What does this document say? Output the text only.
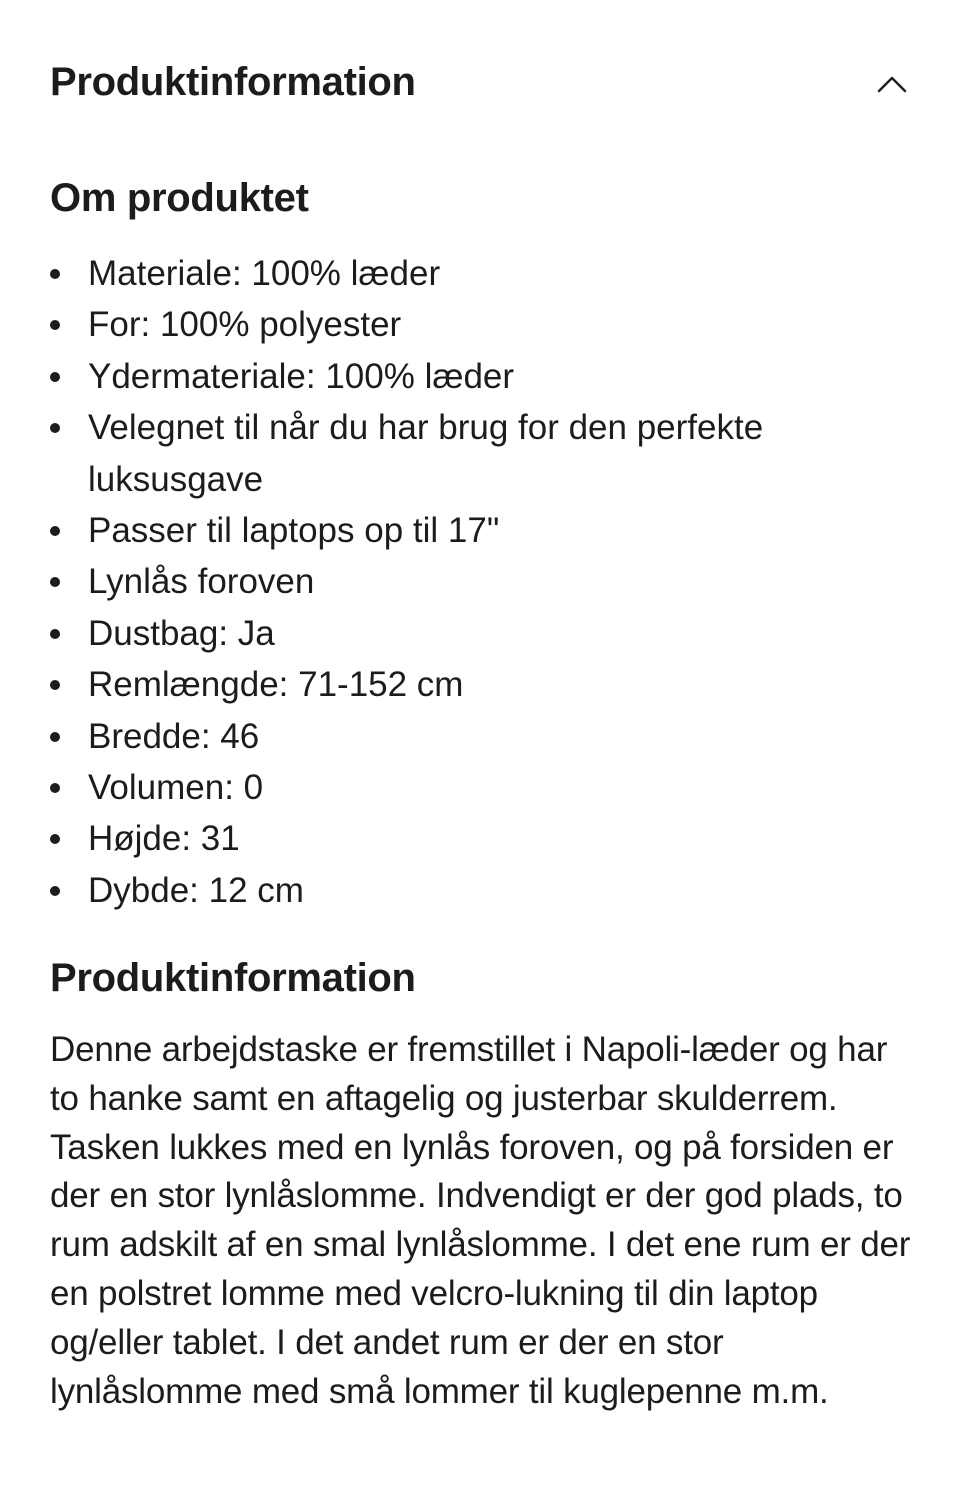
Produktinformation
Om produktet
Materiale: 100% læder
For: 100% polyester
Ydermateriale: 100% læder
Velegnet til når du har brug for den perfekte luksusgave
Passer til laptops op til 17"
Lynlås foroven
Dustbag: Ja
Remlængde: 71-152 cm
Bredde: 46
Volumen: 0
Højde: 31
Dybde: 12 cm
Produktinformation

Denne arbejdstaske er fremstillet i Napoli-læder og har to hanke samt en aftagelig og justerbar skulderrem. Tasken lukkes med en lynlås foroven, og på forsiden er der en stor lynlåslomme. Indvendigt er der god plads, to rum adskilt af en smal lynlåslomme. I det ene rum er der en polstret lomme med velcro-lukning til din laptop og/eller tablet. I det andet rum er der en stor lynlåslomme med små lommer til kuglepenne m.m.
